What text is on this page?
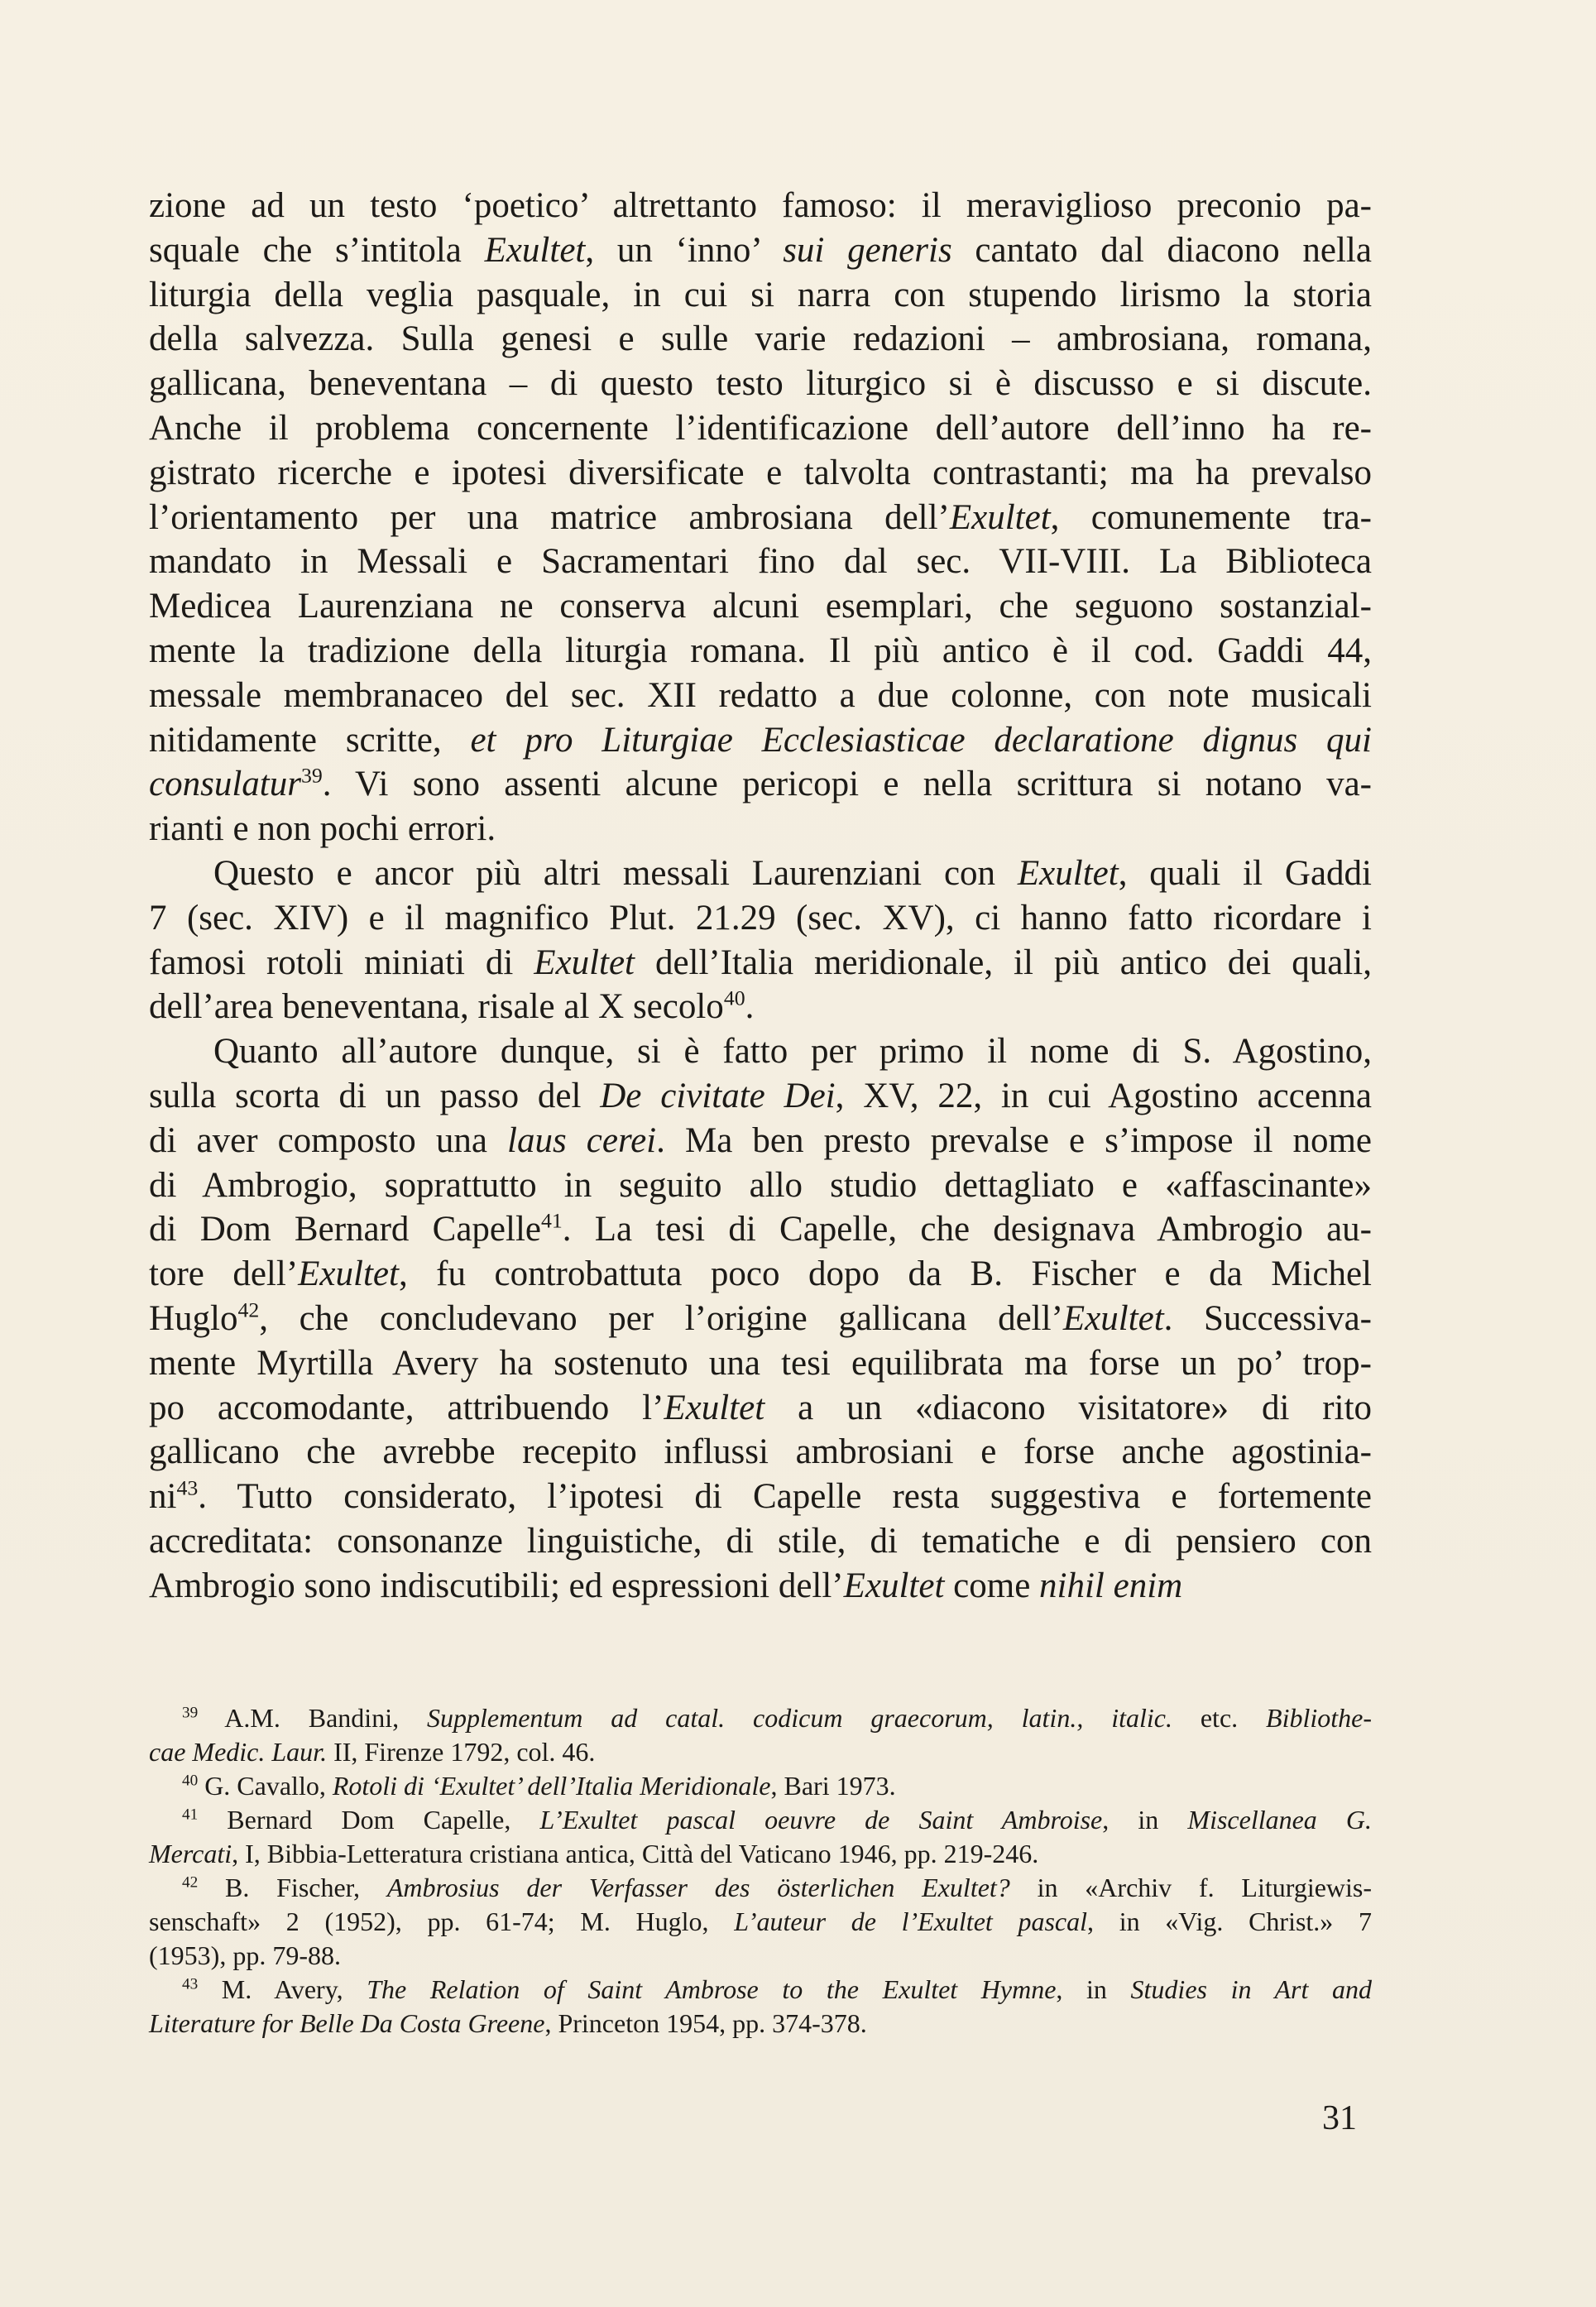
zione ad un testo ‘poetico’ altrettanto famoso: il meraviglioso preconio pa-
squale che s’intitola Exultet, un ‘inno’ sui generis cantato dal diacono nella
liturgia della veglia pasquale, in cui si narra con stupendo lirismo la storia
della salvezza. Sulla genesi e sulle varie redazioni – ambrosiana, romana,
gallicana, beneventana – di questo testo liturgico si è discusso e si discute.
Anche il problema concernente l’identificazione dell’autore dell’inno ha re-
gistrato ricerche e ipotesi diversificate e talvolta contrastanti; ma ha prevalso
l’orientamento per una matrice ambrosiana dell’Exultet, comunemente tra-
mandato in Messali e Sacramentari fino dal sec. VII-VIII. La Biblioteca
Medicea Laurenziana ne conserva alcuni esemplari, che seguono sostanzial-
mente la tradizione della liturgia romana. Il più antico è il cod. Gaddi 44,
messale membranaceo del sec. XII redatto a due colonne, con note musicali
nitidamente scritte, et pro Liturgiae Ecclesiasticae declaratione dignus qui
consulatur$^{39}$. Vi sono assenti alcune pericopi e nella scrittura si notano va-
rianti e non pochi errori.

Questo e ancor più altri messali Laurenziani con Exultet, quali il Gaddi
7 (sec. XIV) e il magnifico Plut. 21.29 (sec. XV), ci hanno fatto ricordare i
famosi rotoli miniati di Exultet dell’Italia meridionale, il più antico dei quali,
dell’area beneventana, risale al X secolo$^{40}$.

Quanto all’autore dunque, si è fatto per primo il nome di S. Agostino,
sulla scorta di un passo del De civitate Dei, XV, 22, in cui Agostino accenna
di aver composto una laus cerei. Ma ben presto prevalse e s’impose il nome
di Ambrogio, soprattutto in seguito allo studio dettagliato e «affascinante»
di Dom Bernard Capelle$^{41}$. La tesi di Capelle, che designava Ambrogio au-
tore dell’Exultet, fu controbattuta poco dopo da B. Fischer e da Michel
Huglo$^{42}$, che concludevano per l’origine gallicana dell’Exultet. Successiva-
mente Myrtilla Avery ha sostenuto una tesi equilibrata ma forse un po’ trop-
po accomodante, attribuendo l’Exultet a un «diacono visitatore» di rito
gallicano che avrebbe recepito influssi ambrosiani e forse anche agostinia-
$ni^{43}$. Tutto considerato, l’ipotesi di Capelle resta suggestiva e fortemente
accreditata: consonanze linguistiche, di stile, di tematiche e di pensiero con
Ambrogio sono indiscutibili; ed espressioni dell’Exultet come nihil enim

$^{39}$ A.M. Bandini, Supplementum ad catal. codicum graecorum, latin., italic. etc. Bibliothe-
cae Medic. Laur. II, Firenze 1792, col. 46.

$^{40}$ G. Cavallo, Rotoli di ‘Exultet’ dell’Italia Meridionale, Bari 1973.

$^{41}$ Bernard Dom Capelle, L’Exultet pascal oeuvre de Saint Ambroise, in Miscellanea G.
Mercati, I, Bibbia-Letteratura cristiana antica, Città del Vaticano 1946, pp. 219-246.

$^{42}$ B. Fischer, Ambrosius der Verfasser des österlichen Exultet? in «Archiv f. Liturgiewis-
senschaft» 2 (1952), pp. 61-74; M. Huglo, L’auteur de l’Exultet pascal, in «Vig. Christ.» 7
(1953), pp. 79-88.

$^{43}$ M. Avery, The Relation of Saint Ambrose to the Exultet Hymne, in Studies in Art and
Literature for Belle Da Costa Greene, Princeton 1954, pp. 374-378.

31
